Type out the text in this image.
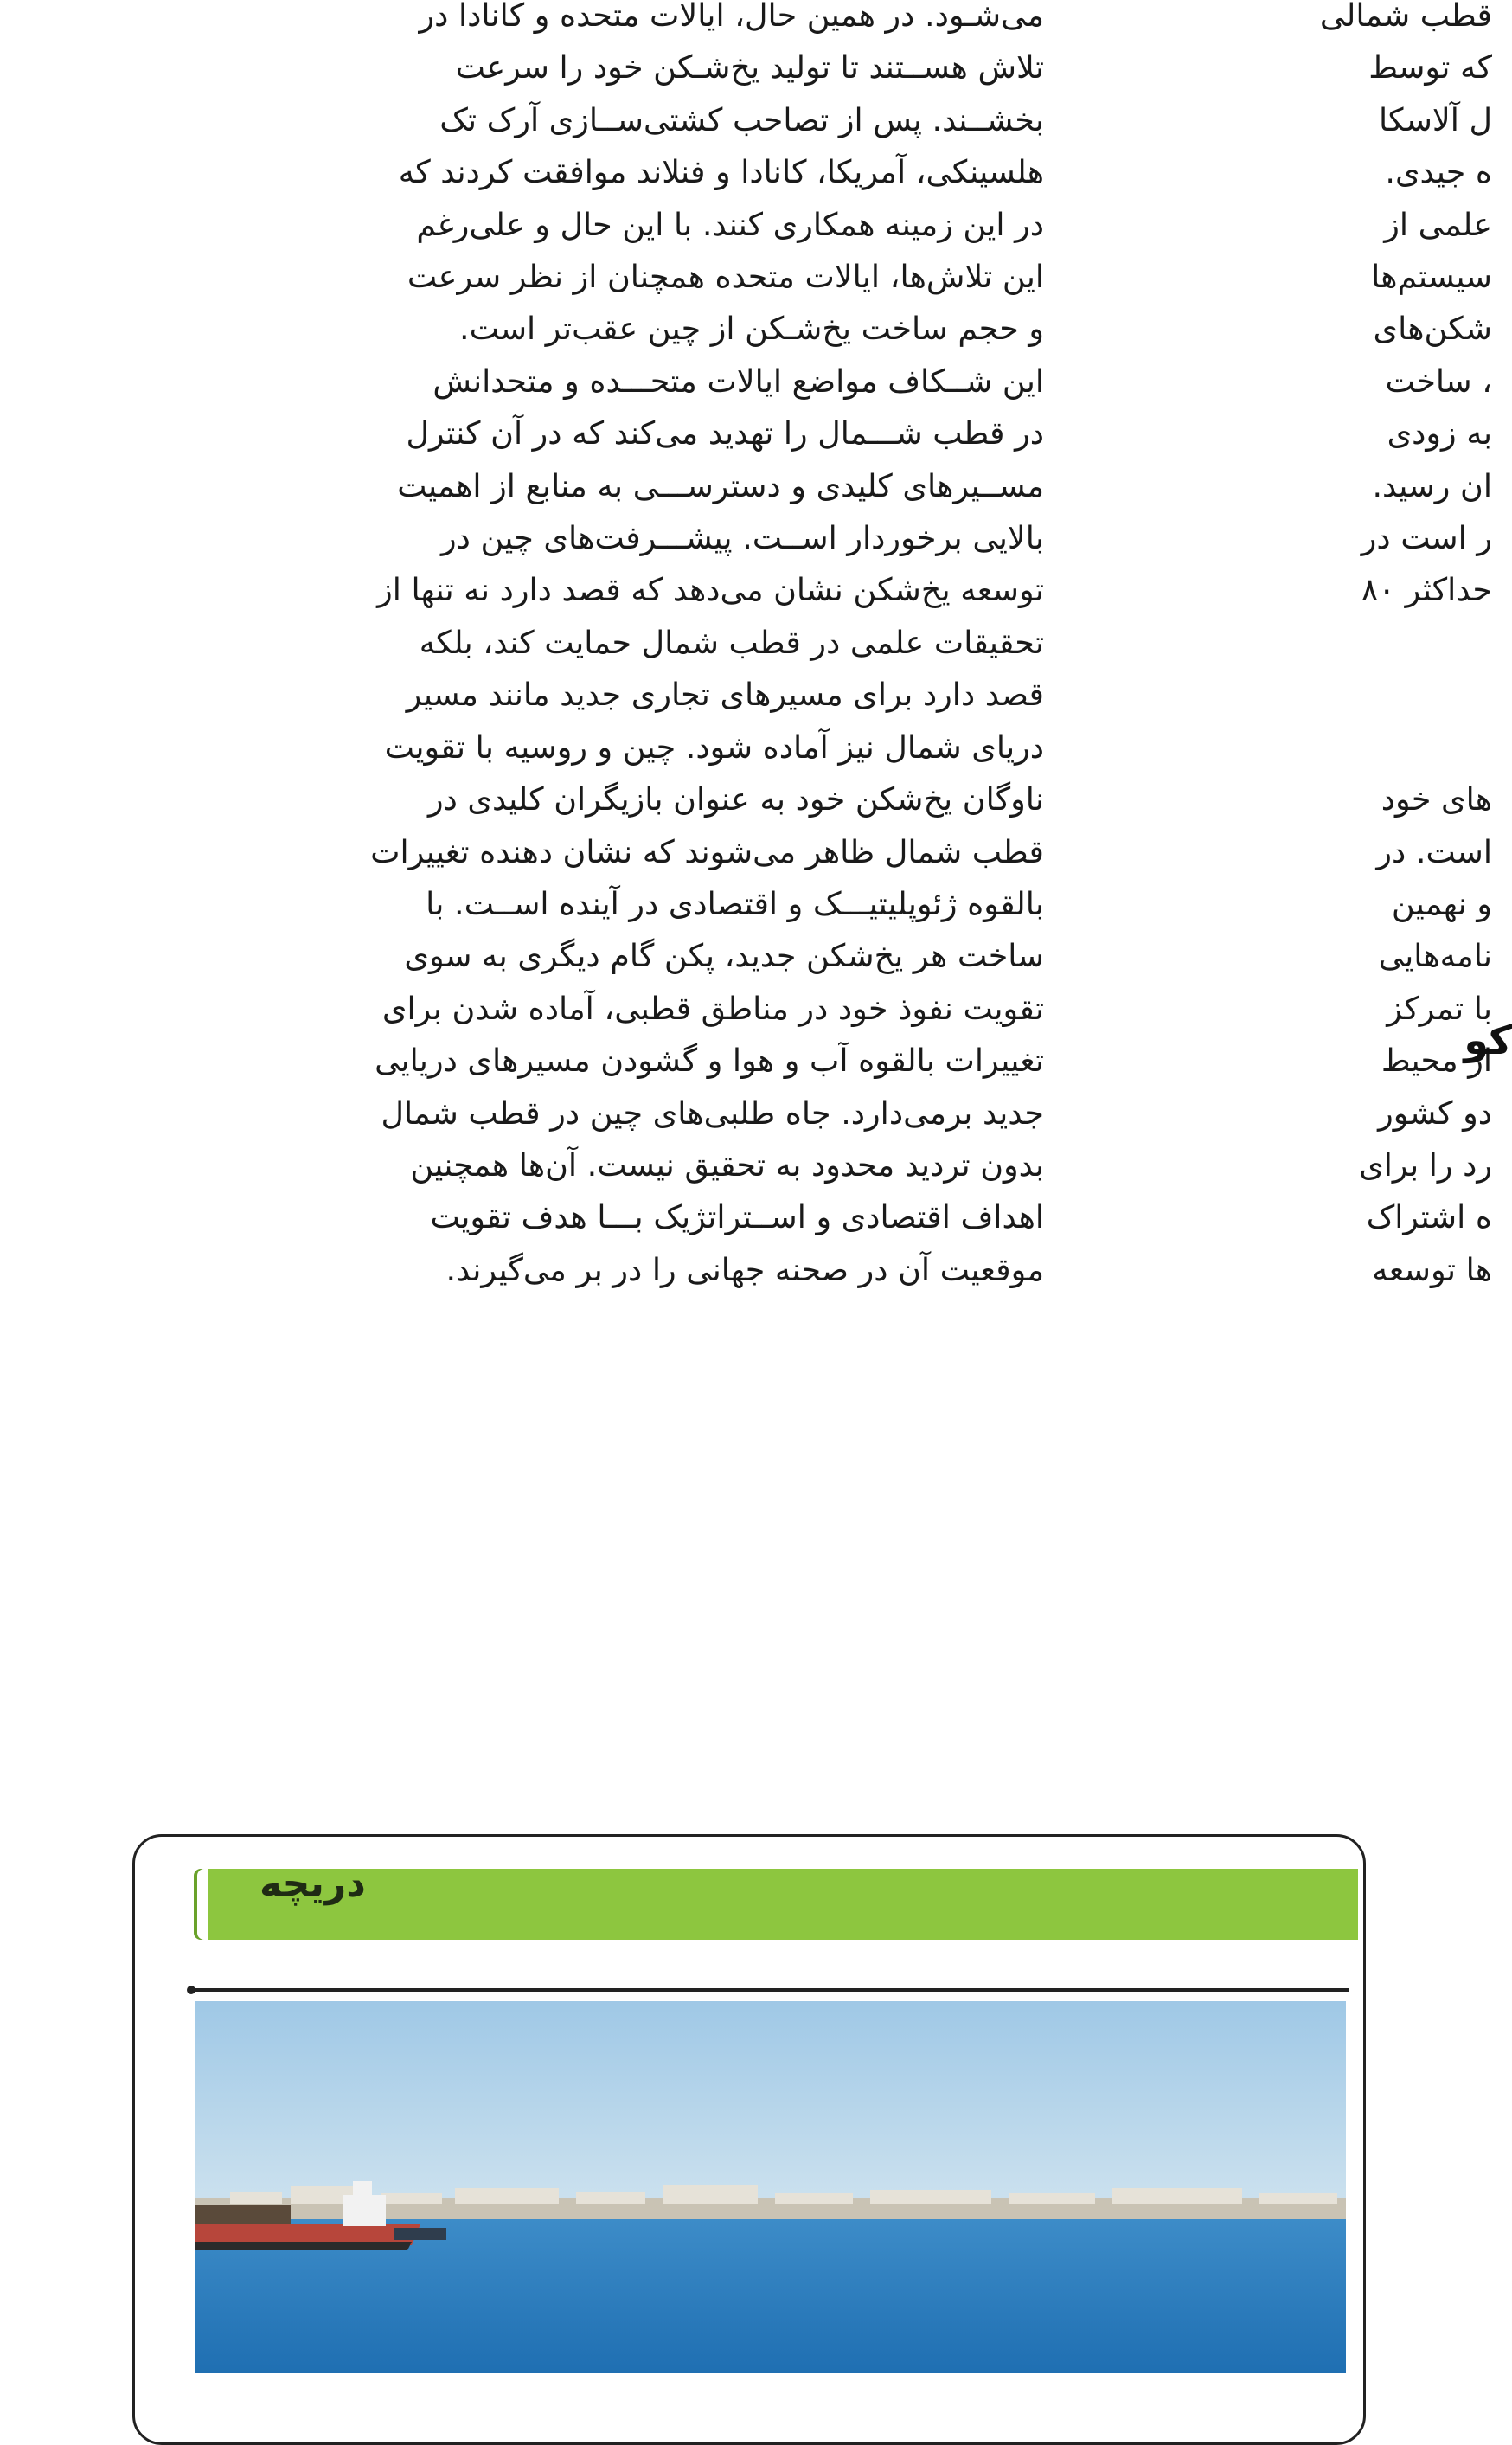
می‌شـود. در همین حال، ایالات متحده و کانادا در

تلاش هســتند تا تولید یخ‌شـکن خود را سرعت

بخشــند. پس از تصاحب کشتی‌ســازی آرک تک

هلسینکی، آمریکا، کانادا و فنلاند موافقت کردند که

در این زمینه همکاری کنند. با این حال و علی‌رغم

این تلاش‌ها، ایالات متحده همچنان از نظر سرعت

و حجم ساخت یخ‌شـکن از چین عقب‌تر است.

این شــکاف مواضع ایالات متحـــده و متحدانش

در قطب شـــمال را تهدید می‌کند که در آن کنترل

مســیرهای کلیدی و دسترســـی به منابع از اهمیت

بالایی برخوردار اســت. پیشـــرفت‌های چین در

توسعه یخ‌شکن نشان می‌دهد که قصد دارد نه تنها از

تحقیقات علمی در قطب شمال حمایت کند، بلکه

قصد دارد برای مسیرهای تجاری جدید مانند مسیر

دریای شمال نیز آماده شود. چین و روسیه با تقویت

ناوگان یخ‌شکن خود به عنوان بازیگران کلیدی در

قطب شمال ظاهر می‌شوند که نشان دهنده تغییرات

بالقوه ژئوپلیتیـــک و اقتصادی در آینده اســت. با

ساخت هر یخ‌شکن جدید، پکن گام دیگری به سوی

تقویت نفوذ خود در مناطق قطبی، آماده شدن برای

تغییرات بالقوه آب و هوا و گشودن مسیرهای دریایی

جدید برمی‌دارد. جاه طلبی‌های چین در قطب شمال

بدون تردید محدود به تحقیق نیست. آن‌ها همچنین

اهداف اقتصادی و اســتراتژیک بـــا هدف تقویت

موقعیت آن در صحنه جهانی را در بر می‌گیرند.

قطب شمالی

که توسط

ل آلاسکا

ه جیدی.

علمی از

سیستم‌ها

شکن‌های

، ساخت

به زودی

ان رسید.

ر است در

حداکثر ۸۰

های خود

است. در

و نهمین

نامه‌هایی

با تمرکز

از محیط

دو کشور

رد را برای

ه اشتراک

ها توسعه

کو
دریچه
